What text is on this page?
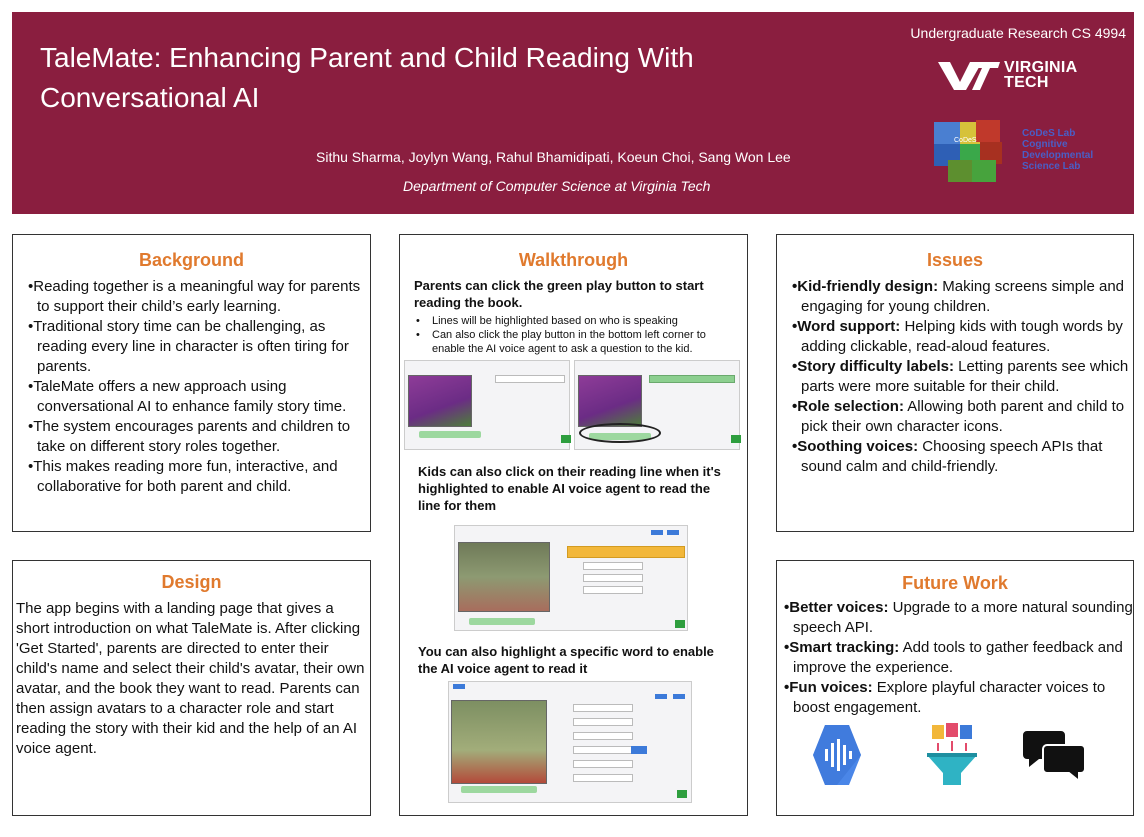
TaleMate: Enhancing Parent and Child Reading With Conversational AI
Sithu Sharma, Joylyn Wang, Rahul Bhamidipati, Koeun Choi, Sang Won Lee
Department of Computer Science at Virginia Tech
Undergraduate Research CS 4994
VIRGINIA
TECH
CoDeS
CoDeS Lab
Cognitive
Developmental
Science Lab
Background
•Reading together is a meaningful way for parents to support their child’s early learning.
•Traditional story time can be challenging, as reading every line in character is often tiring for parents.
•TaleMate offers a new approach using conversational AI to enhance family story time.
•The system encourages parents and children to take on different story roles together.
•This makes reading more fun, interactive, and collaborative for both parent and child.
Design
The app begins with a landing page that gives a short introduction on what TaleMate is. After clicking 'Get Started', parents are directed to enter their child's name and select their child's avatar, their own avatar, and the book they want to read. Parents can then assign avatars to a character role and start reading the story with their kid and the help of an AI voice agent.
Walkthrough
Parents can click the green play button to start reading the book.
• Lines will be highlighted based on who is speaking
• Can also click the play button in the bottom left corner to enable the AI voice agent to ask a question to the kid.
Kids can also click on their reading line when it's highlighted to enable AI voice agent to read the line for them
You can also highlight a specific word to enable the AI voice agent to read it
Issues
•Kid-friendly design: Making screens simple and engaging for young children.
•Word support: Helping kids with tough words by adding clickable, read-aloud features.
•Story difficulty labels: Letting parents see which parts were more suitable for their child.
•Role selection: Allowing both parent and child to pick their own character icons.
•Soothing voices: Choosing speech APIs that sound calm and child-friendly.
Future Work
•Better voices: Upgrade to a more natural sounding speech API.
•Smart tracking: Add tools to gather feedback and improve the experience.
•Fun voices: Explore playful character voices to boost engagement.
